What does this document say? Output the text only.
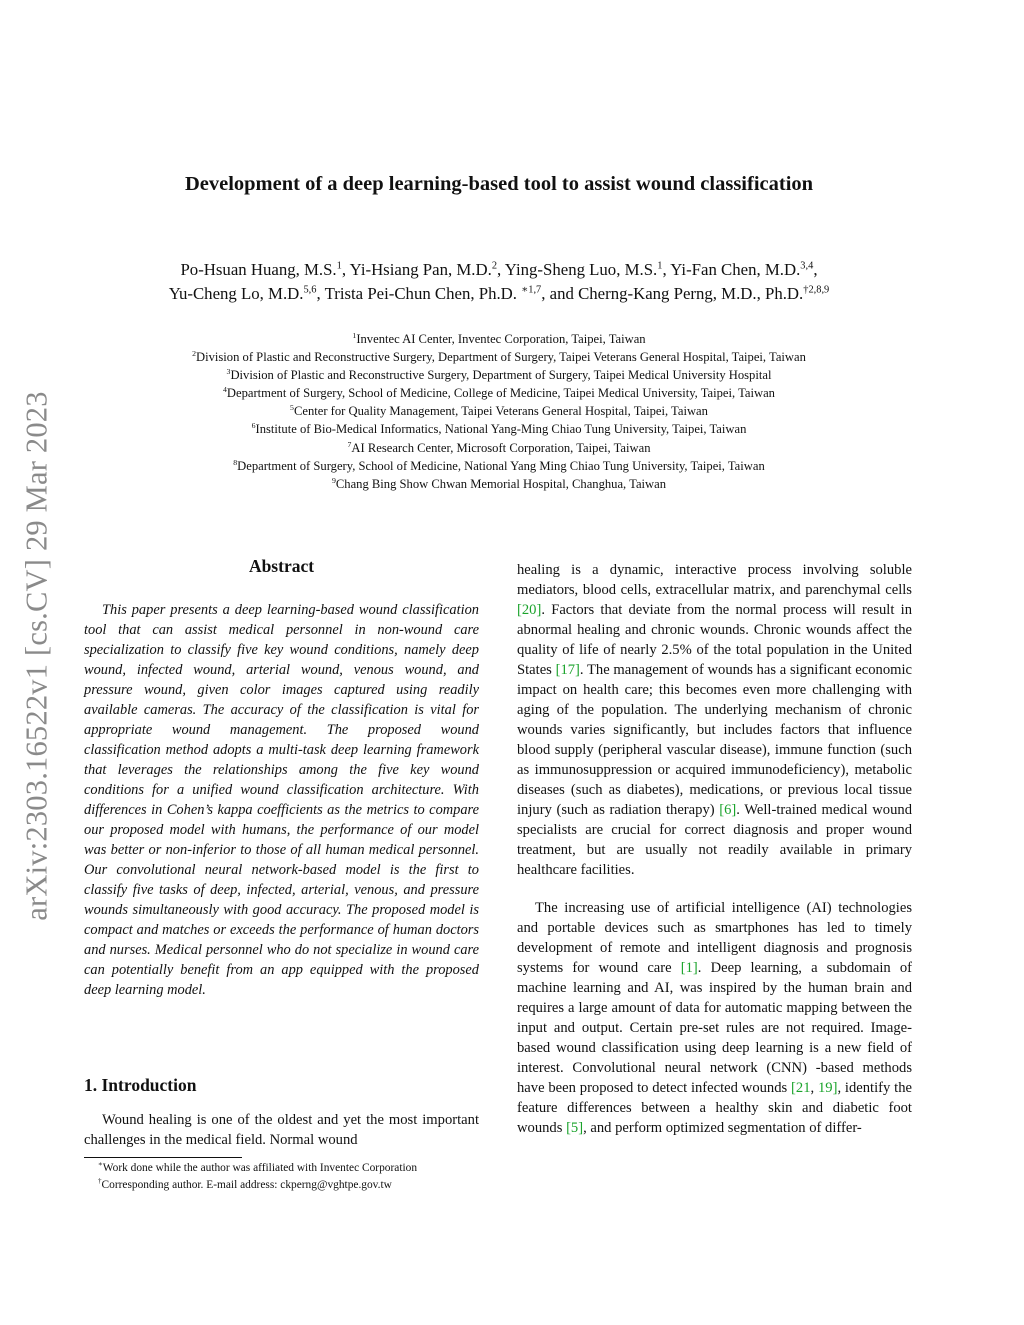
arXiv:2303.16522v1 [cs.CV] 29 Mar 2023
Development of a deep learning-based tool to assist wound classification
Po-Hsuan Huang, M.S.$^1$, Yi-Hsiang Pan, M.D.$^2$, Ying-Sheng Luo, M.S.$^1$, Yi-Fan Chen, M.D.$^{3,4}$,
Yu-Cheng Lo, M.D.$^{5,6}$, Trista Pei-Chun Chen, Ph.D. $^{∗1,7}$, and Cherng-Kang Perng, M.D., Ph.D.$^{\dagger 2,8,9}$
$^1$Inventec AI Center, Inventec Corporation, Taipei, Taiwan
$^2$Division of Plastic and Reconstructive Surgery, Department of Surgery, Taipei Veterans General Hospital, Taipei, Taiwan
$^3$Division of Plastic and Reconstructive Surgery, Department of Surgery, Taipei Medical University Hospital
$^4$Department of Surgery, School of Medicine, College of Medicine, Taipei Medical University, Taipei, Taiwan
$^5$Center for Quality Management, Taipei Veterans General Hospital, Taipei, Taiwan
$^6$Institute of Bio-Medical Informatics, National Yang-Ming Chiao Tung University, Taipei, Taiwan
$^7$AI Research Center, Microsoft Corporation, Taipei, Taiwan
$^8$Department of Surgery, School of Medicine, National Yang Ming Chiao Tung University, Taipei, Taiwan
$^9$Chang Bing Show Chwan Memorial Hospital, Changhua, Taiwan
Abstract
This paper presents a deep learning-based wound classification tool that can assist medical personnel in non-wound care specialization to classify five key wound conditions, namely deep wound, infected wound, arterial wound, venous wound, and pressure wound, given color images captured using readily available cameras. The accuracy of the classification is vital for appropriate wound management. The proposed wound classification method adopts a multi-task deep learning framework that leverages the relationships among the five key wound conditions for a unified wound classification architecture. With differences in Cohen’s kappa coefficients as the metrics to compare our proposed model with humans, the performance of our model was better or non-inferior to those of all human medical personnel. Our convolutional neural network-based model is the first to classify five tasks of deep, infected, arterial, venous, and pressure wounds simultaneously with good accuracy. The proposed model is compact and matches or exceeds the performance of human doctors and nurses. Medical personnel who do not specialize in wound care can potentially benefit from an app equipped with the proposed deep learning model.
1. Introduction
Wound healing is one of the oldest and yet the most important challenges in the medical field. Normal wound
∗Work done while the author was affiliated with Inventec Corporation
†Corresponding author. E-mail address: ckperng@vghtpe.gov.tw

healing is a dynamic, interactive process involving soluble mediators, blood cells, extracellular matrix, and parenchymal cells [20]. Factors that deviate from the normal process will result in abnormal healing and chronic wounds. Chronic wounds affect the quality of life of nearly 2.5% of the total population in the United States [17]. The management of wounds has a significant economic impact on health care; this becomes even more challenging with aging of the population. The underlying mechanism of chronic wounds varies significantly, but includes factors that influence blood supply (peripheral vascular disease), immune function (such as immunosuppression or acquired immunodeficiency), metabolic diseases (such as diabetes), medications, or previous local tissue injury (such as radiation therapy) [6]. Well-trained medical wound specialists are crucial for correct diagnosis and proper wound treatment, but are usually not readily available in primary healthcare facilities.

The increasing use of artificial intelligence (AI) technologies and portable devices such as smartphones has led to timely development of remote and intelligent diagnosis and prognosis systems for wound care [1]. Deep learning, a subdomain of machine learning and AI, was inspired by the human brain and requires a large amount of data for automatic mapping between the input and output. Certain pre-set rules are not required. Image-based wound classification using deep learning is a new field of interest. Convolutional neural network (CNN) -based methods have been proposed to detect infected wounds [21, 19], identify the feature differences between a healthy skin and diabetic foot wounds [5], and perform optimized segmentation of differ-
